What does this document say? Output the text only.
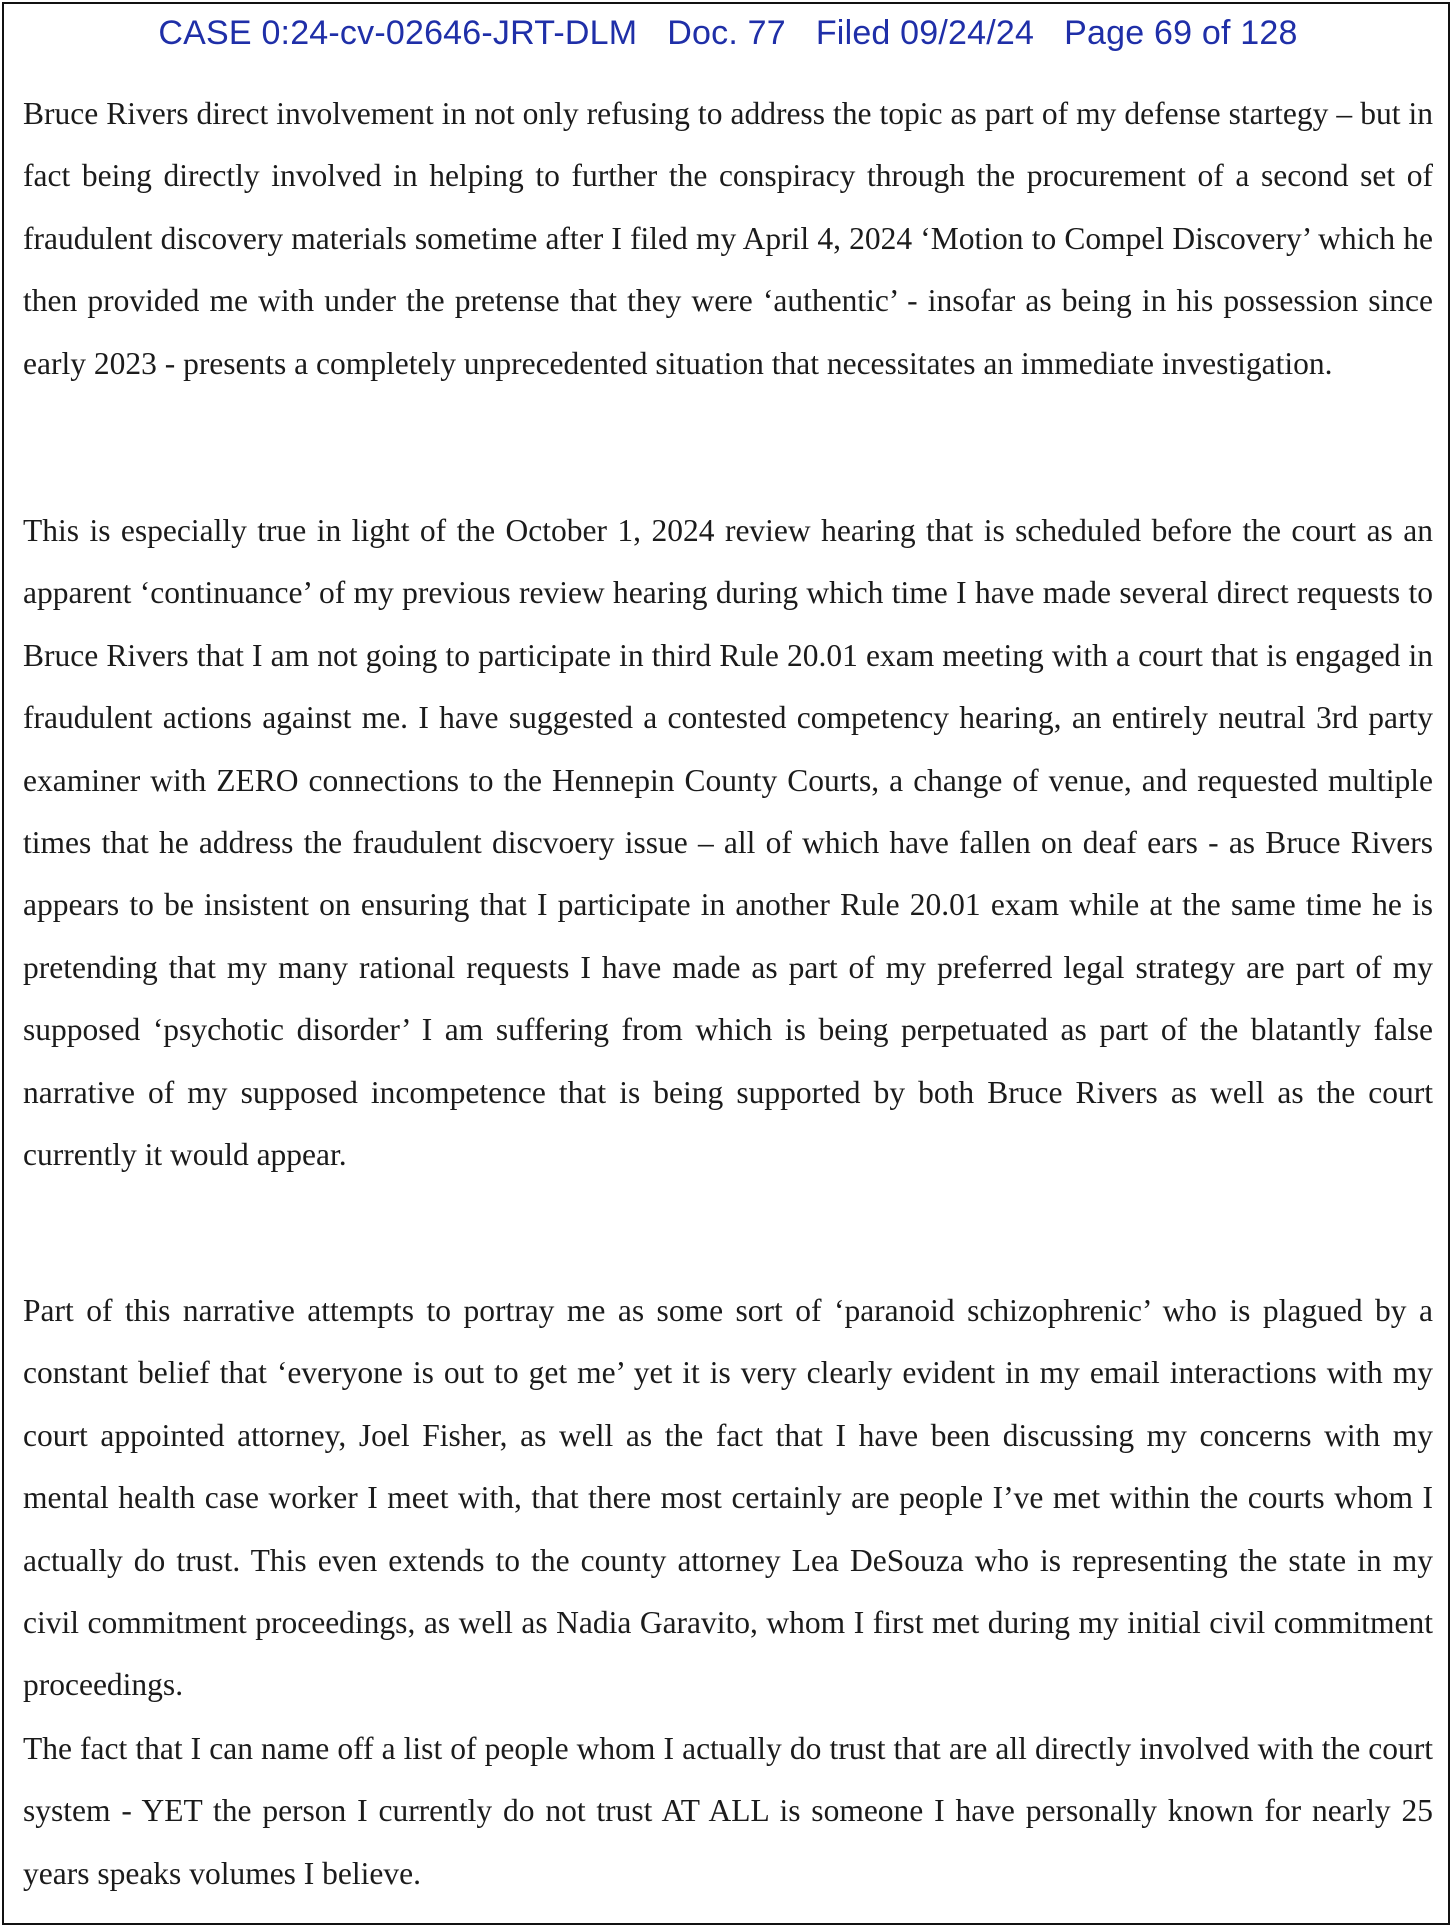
CASE 0:24-cv-02646-JRT-DLM Doc. 77 Filed 09/24/24 Page 69 of 128

Bruce Rivers direct involvement in not only refusing to address the topic as part of my defense startegy – but in fact being directly involved in helping to further the conspiracy through the procurement of a second set of fraudulent discovery materials sometime after I filed my April 4, 2024 ‘Motion to Compel Discovery’ which he then provided me with under the pretense that they were ‘authentic’ - insofar as being in his possession since early 2023 - presents a completely unprecedented situation that necessitates an immediate investigation.

This is especially true in light of the October 1, 2024 review hearing that is scheduled before the court as an apparent ‘continuance’ of my previous review hearing during which time I have made several direct requests to Bruce Rivers that I am not going to participate in third Rule 20.01 exam meeting with a court that is engaged in fraudulent actions against me. I have suggested a contested competency hearing, an entirely neutral 3rd party examiner with ZERO connections to the Hennepin County Courts, a change of venue, and requested multiple times that he address the fraudulent discvoery issue – all of which have fallen on deaf ears - as Bruce Rivers appears to be insistent on ensuring that I participate in another Rule 20.01 exam while at the same time he is pretending that my many rational requests I have made as part of my preferred legal strategy are part of my supposed ‘psychotic disorder’ I am suffering from which is being perpetuated as part of the blatantly false narrative of my supposed incompetence that is being supported by both Bruce Rivers as well as the court currently it would appear.

Part of this narrative attempts to portray me as some sort of ‘paranoid schizophrenic’ who is plagued by a constant belief that ‘everyone is out to get me’ yet it is very clearly evident in my email interactions with my court appointed attorney, Joel Fisher, as well as the fact that I have been discussing my concerns with my mental health case worker I meet with, that there most certainly are people I’ve met within the courts whom I actually do trust. This even extends to the county attorney Lea DeSouza who is representing the state in my civil commitment proceedings, as well as Nadia Garavito, whom I first met during my initial civil commitment proceedings.

The fact that I can name off a list of people whom I actually do trust that are all directly involved with the court system - YET the person I currently do not trust AT ALL is someone I have personally known for nearly 25 years speaks volumes I believe.
